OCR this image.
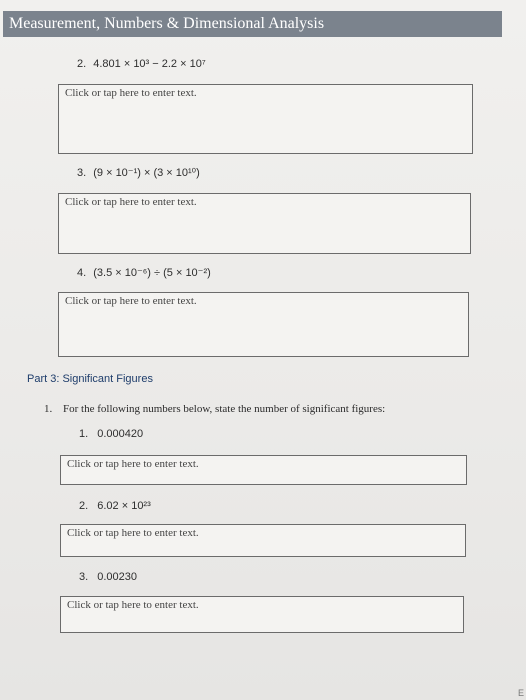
Measurement, Numbers & Dimensional Analysis
2. 4.801 × 10³ − 2.2 × 10⁷
Click or tap here to enter text.
3. (9 × 10⁻¹) × (3 × 10¹⁰)
Click or tap here to enter text.
4. (3.5 × 10⁻⁶) ÷ (5 × 10⁻²)
Click or tap here to enter text.
Part 3: Significant Figures
1. For the following numbers below, state the number of significant figures:
1. 0.000420
Click or tap here to enter text.
2. 6.02 × 10²³
Click or tap here to enter text.
3. 0.00230
Click or tap here to enter text.
E
